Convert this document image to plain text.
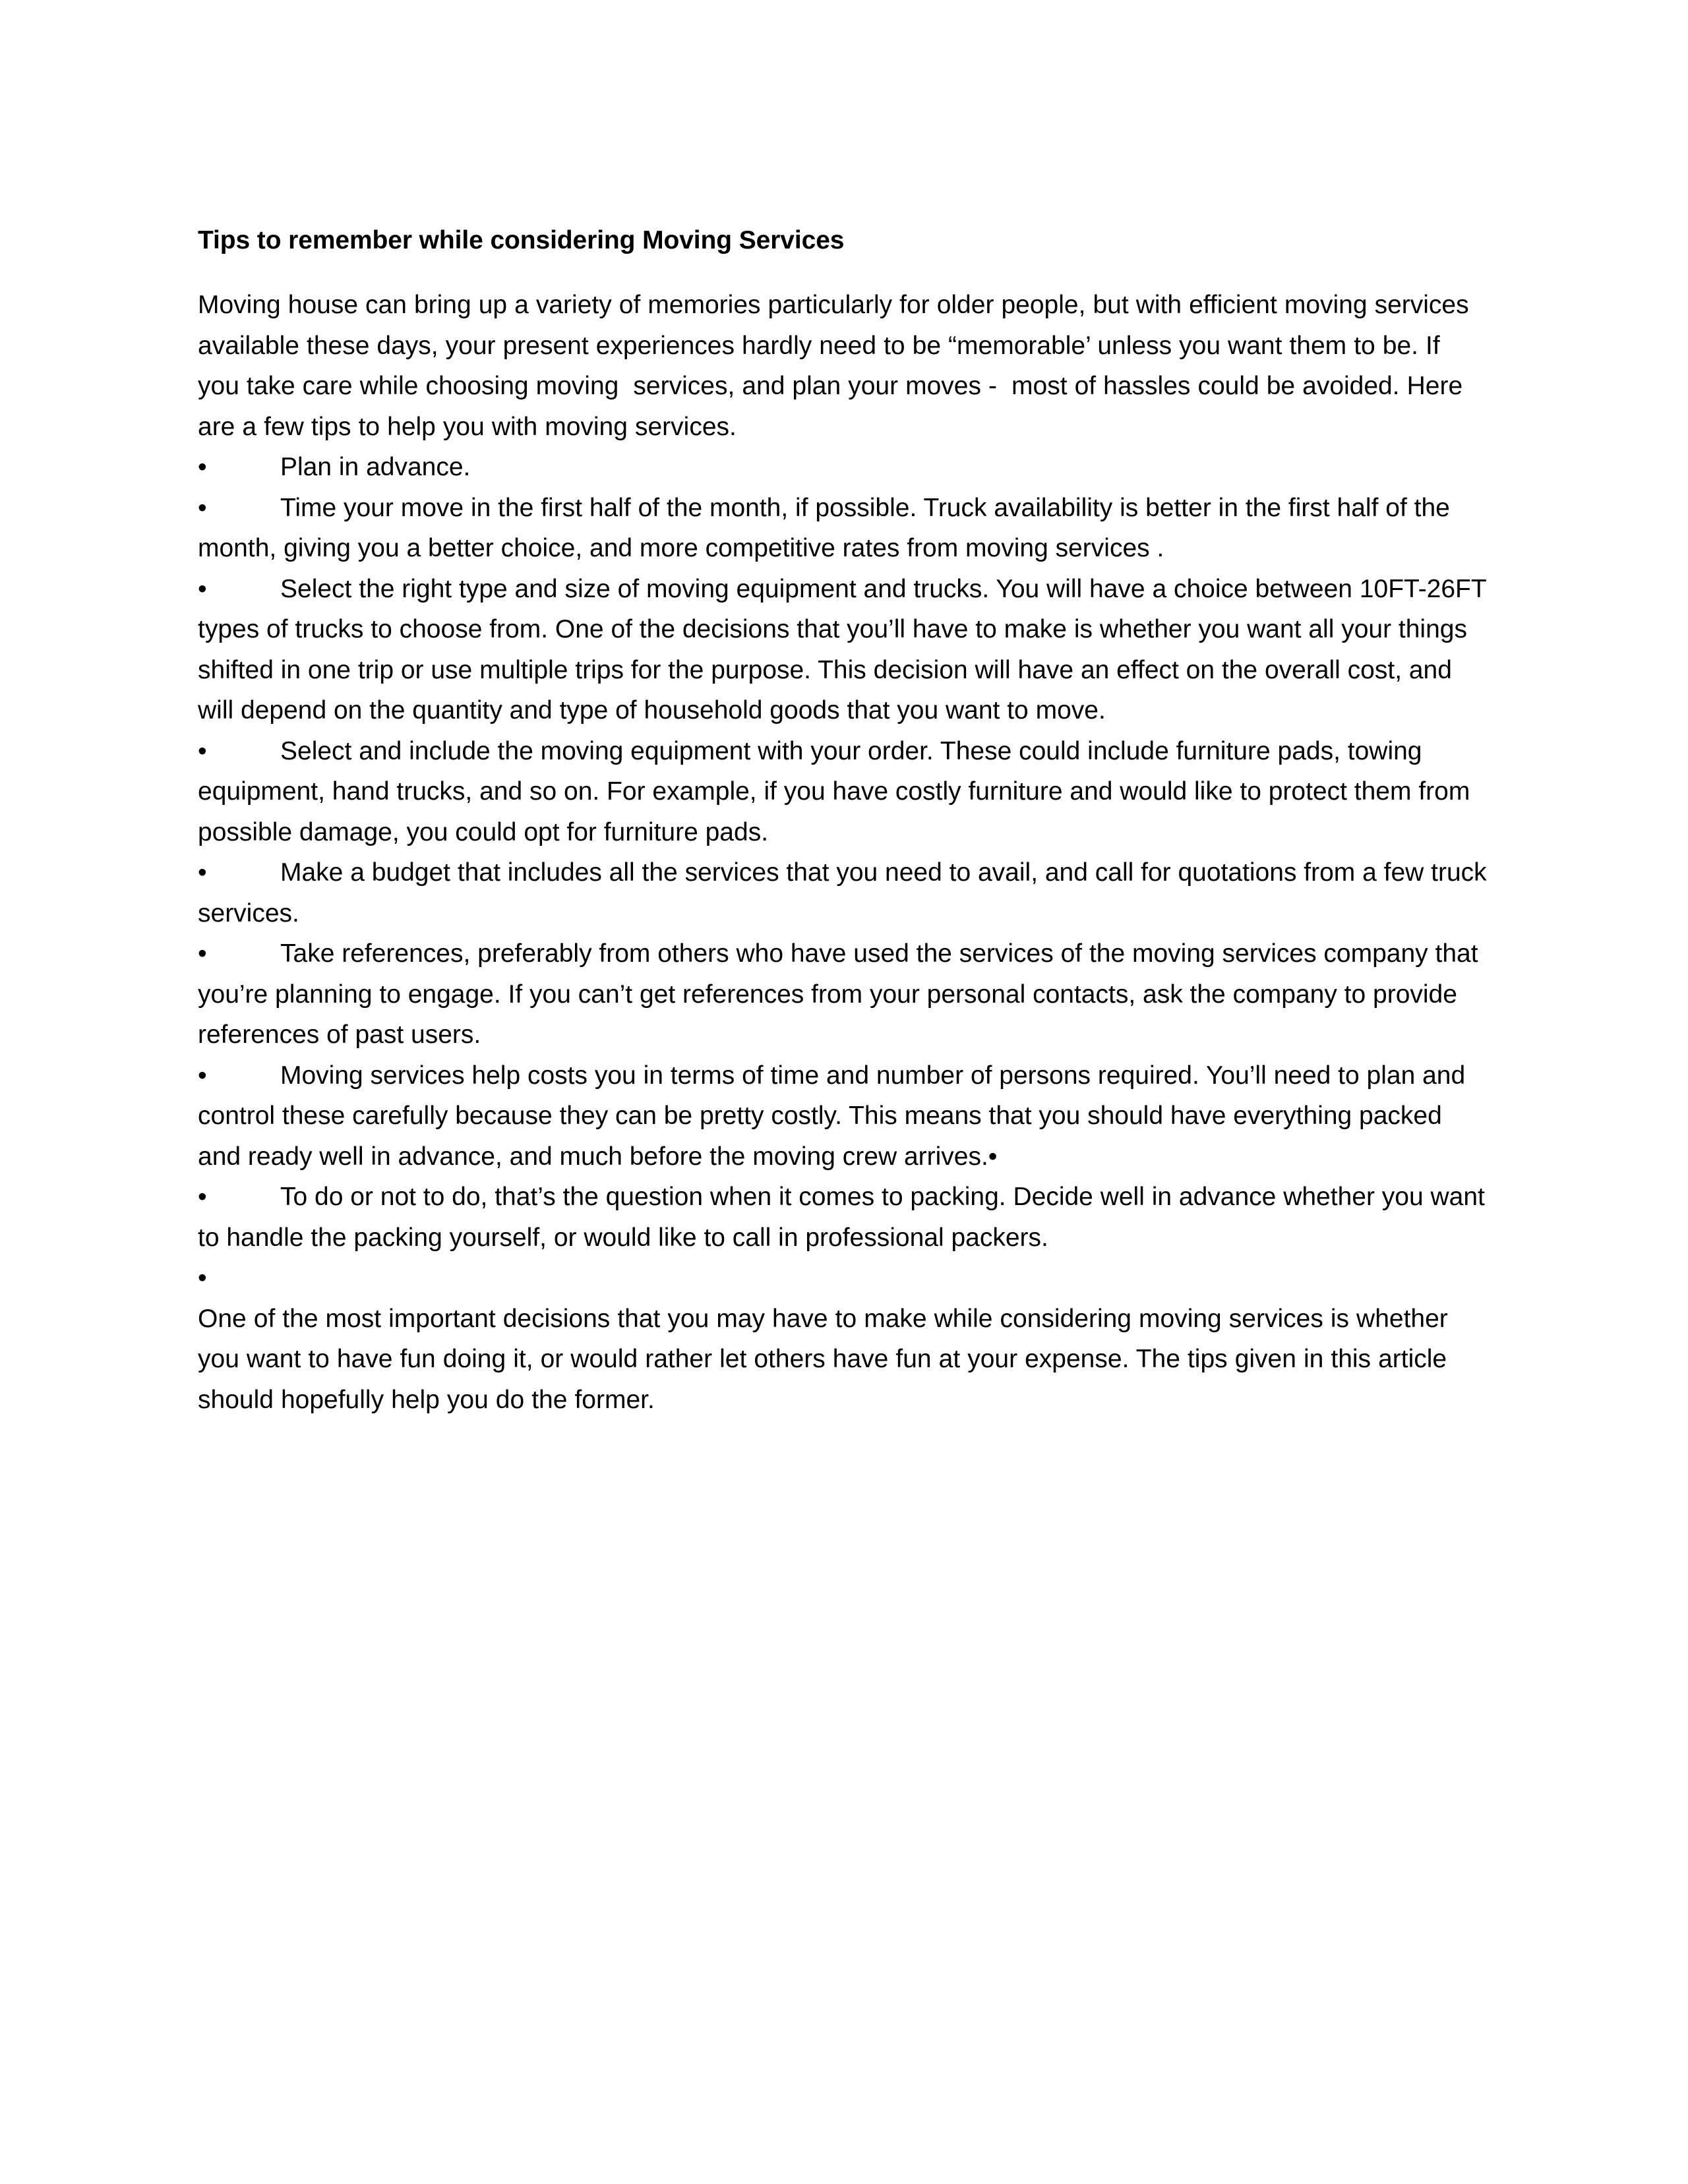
Tips to remember while considering Moving Services

Moving house can bring up a variety of memories particularly for older people, but with efficient moving services available these days, your present experiences hardly need to be “memorable’ unless you want them to be. If you take care while choosing moving  services, and plan your moves -  most of hassles could be avoided. Here are a few tips to help you with moving services.

•	Plan in advance.
•	Time your move in the first half of the month, if possible. Truck availability is better in the first half of the month, giving you a better choice, and more competitive rates from moving services .
•	Select the right type and size of moving equipment and trucks. You will have a choice between 10FT-26FT types of trucks to choose from. One of the decisions that you’ll have to make is whether you want all your things shifted in one trip or use multiple trips for the purpose. This decision will have an effect on the overall cost, and will depend on the quantity and type of household goods that you want to move.
•	Select and include the moving equipment with your order. These could include furniture pads, towing equipment, hand trucks, and so on. For example, if you have costly furniture and would like to protect them from possible damage, you could opt for furniture pads.
•	Make a budget that includes all the services that you need to avail, and call for quotations from a few truck services.
•	Take references, preferably from others who have used the services of the moving services company that you’re planning to engage. If you can’t get references from your personal contacts, ask the company to provide references of past users.
•	Moving services help costs you in terms of time and number of persons required. You’ll need to plan and control these carefully because they can be pretty costly. This means that you should have everything packed and ready well in advance, and much before the moving crew arrives.•
•	To do or not to do, that’s the question when it comes to packing. Decide well in advance whether you want to handle the packing yourself, or would like to call in professional packers.
•

One of the most important decisions that you may have to make while considering moving services is whether you want to have fun doing it, or would rather let others have fun at your expense. The tips given in this article should hopefully help you do the former.
